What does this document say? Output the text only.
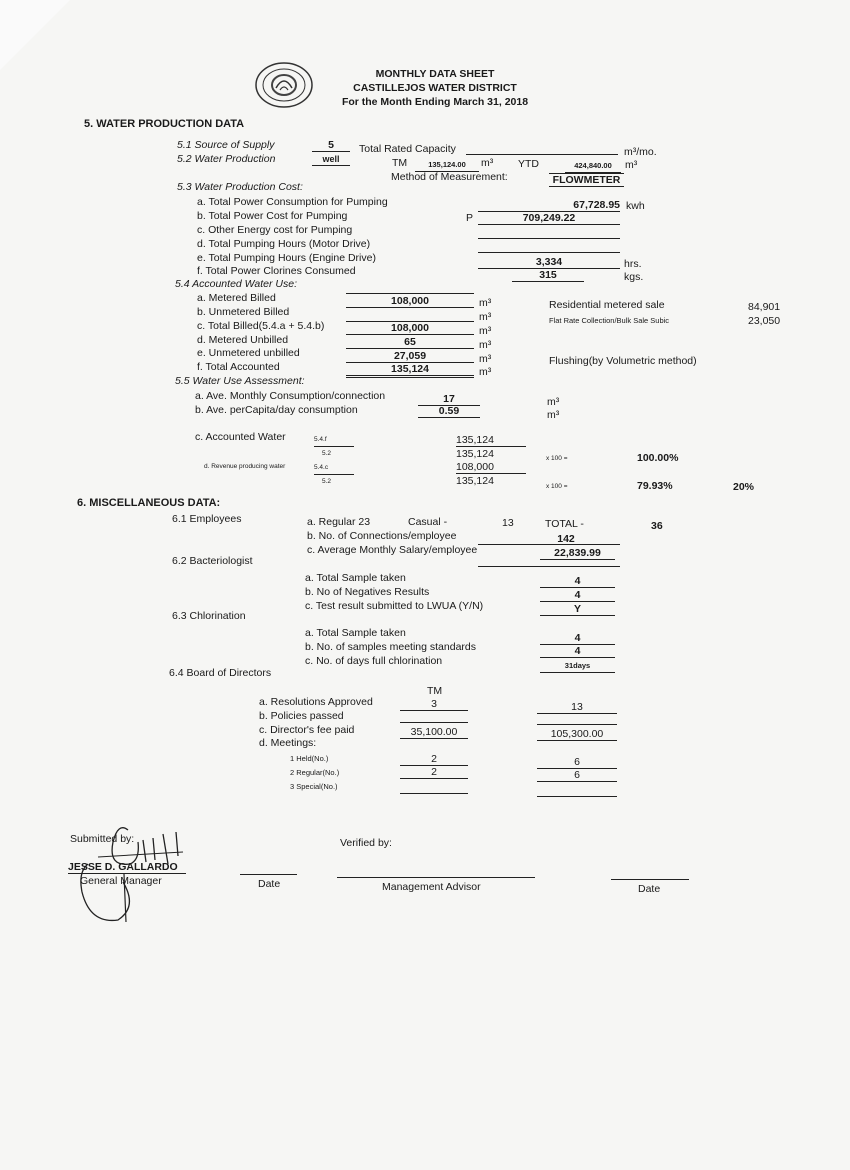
MONTHLY DATA SHEET
CASTILLEJOS WATER DISTRICT
For the Month Ending March 31, 2018
5. WATER PRODUCTION DATA
5.1 Source of Supply	5	Total Rated Capacity	m³/mo.
5.2 Water Production	well	TM	135,124.00	m³ YTD	424,840.00	m³
Method of Measurement:	FLOWMETER
5.3 Water Production Cost:
a. Total Power Consumption for Pumping	67,728.95 kwh
b. Total Power Cost for Pumping	P	709,249.22
c. Other Energy cost for Pumping
d. Total Pumping Hours (Motor Drive)
e. Total Pumping Hours (Engine Drive)	3,334	hrs.
f. Total Power Clorines Consumed	315	kgs.
5.4 Accounted Water Use:
a. Metered Billed	108,000	m³
b. Unmetered Billed	m³
c. Total Billed(5.4.a + 5.4.b)	108,000	m³
d. Metered Unbilled	65	m³
e. Unmetered unbilled	27,059	m³
f. Total Accounted	135,124	m³
Residential metered sale	84,901
Flat Rate Collection/Bulk Sale Subic	23,050
Flushing(by Volumetric method)
5.5 Water Use Assessment:
a. Ave. Monthly Consumption/connection	17	m³
b. Ave. perCapita/day consumption	0.59	m³
c. Accounted Water	5.4.f
5.2
135,124
135,124	x 100 =	100.00%
d. Revenue producing water	5.4.c
5.2
108,000
135,124	x 100 =	79.93%	20%
6. MISCELLANEOUS DATA:
6.1 Employees	a. Regular 23	Casual -	13	TOTAL -	36
b. No. of Connections/employee	142
c. Average Monthly Salary/employee	22,839.99
6.2 Bacteriologist
a. Total Sample taken	4
b. No of Negatives Results	4
c. Test result submitted to LWUA (Y/N)	Y
6.3 Chlorination
a. Total Sample taken	4
b. No. of samples meeting standards	4
c. No. of days full chlorination	31days
6.4 Board of Directors
TM
a. Resolutions Approved	3	13
b. Policies passed
c. Director's fee paid	35,100.00	105,300.00
d. Meetings:
1 Held(No.)	2	6
2 Regular(No.)	2	6
3 Special(No.)
Submitted by:
JESSE D. GALLARDO
General Manager	Date
Verified by:
Management Advisor	Date
